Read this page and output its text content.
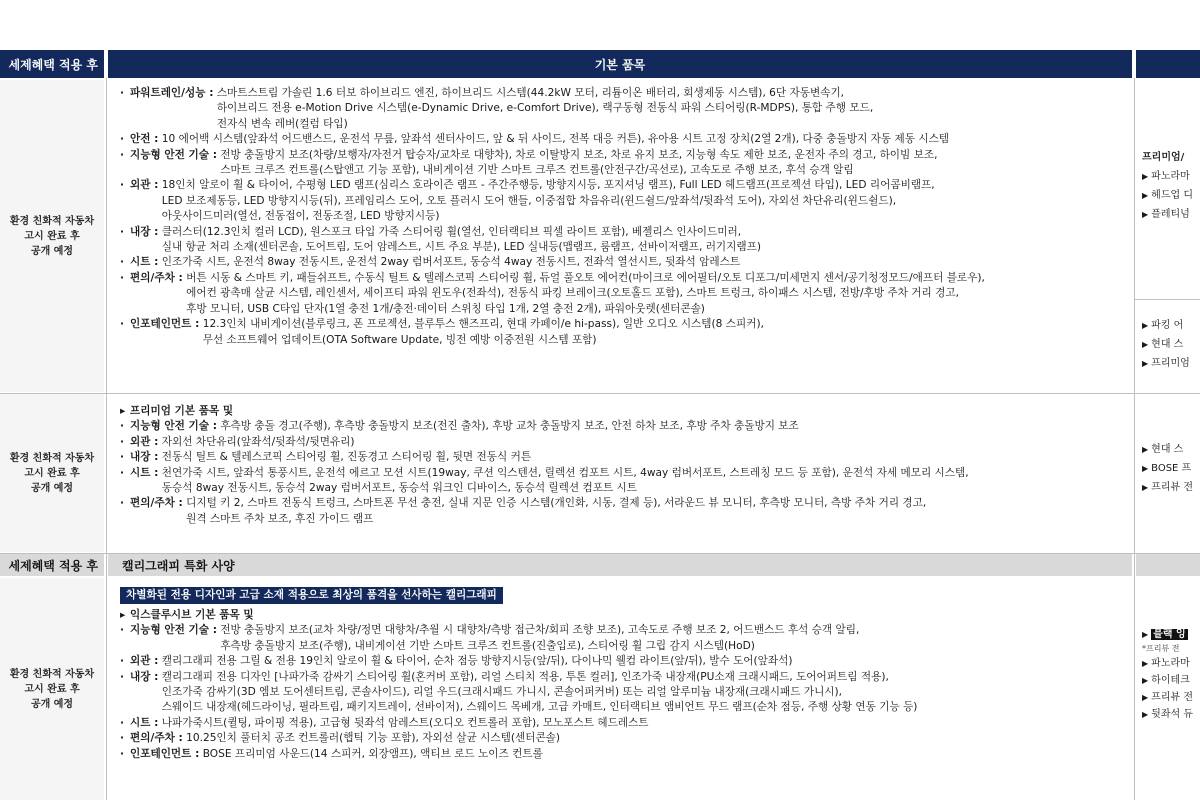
세제혜택 적용 후	기본 품목
환경 친화적 자동차
고시 완료 후
공개 예정
· 파워트레인/성능 : 스마트스트림 가솔린 1.6 터보 하이브리드 엔진, 하이브리드 시스템(44.2kW 모터, 리튬이온 배터리, 회생제동 시스템), 6단 자동변속기,
하이브리드 전용 e-Motion Drive 시스템(e-Dynamic Drive, e-Comfort Drive), 랙구동형 전동식 파워 스티어링(R-MDPS), 통합 주행 모드,
전자식 변속 레버(컬럼 타입)
· 안전 : 10 에어백 시스템(앞좌석 어드밴스드, 운전석 무릎, 앞좌석 센터사이드, 앞 & 뒤 사이드, 전복 대응 커튼), 유아용 시트 고정 장치(2열 2개), 다중 충돌방지 자동 제동 시스템
· 지능형 안전 기술 : 전방 충돌방지 보조(차량/보행자/자전거 탑승자/교차로 대향차), 차로 이탈방지 보조, 차로 유지 보조, 지능형 속도 제한 보조, 운전자 주의 경고, 하이빔 보조,
스마트 크루즈 컨트롤(스탑앤고 기능 포함), 내비게이션 기반 스마트 크루즈 컨트롤(안전구간/곡선로), 고속도로 주행 보조, 후석 승객 알림
· 외관 : 18인치 알로이 휠 & 타이어, 수평형 LED 램프(심리스 호라이즌 램프 - 주간주행등, 방향지시등, 포지셔닝 램프), Full LED 헤드램프(프로젝션 타입), LED 리어콤비램프,
LED 보조제동등, LED 방향지시등(뒤), 프레임리스 도어, 오토 플러시 도어 핸들, 이중접합 차음유리(윈드쉴드/앞좌석/뒷좌석 도어), 자외선 차단유리(윈드쉴드),
아웃사이드미러(열선, 전동접이, 전동조절, LED 방향지시등)
· 내장 : 클러스터(12.3인치 컬러 LCD), 원스포크 타입 가죽 스티어링 휠(열선, 인터랙티브 픽셀 라이트 포함), 베젤리스 인사이드미러,
실내 항균 처리 소재(센터콘솔, 도어트림, 도어 암레스트, 시트 주요 부분), LED 실내등(맵램프, 룸램프, 선바이저램프, 러기지램프)
· 시트 : 인조가죽 시트, 운전석 8way 전동시트, 운전석 2way 럼버서포트, 동승석 4way 전동시트, 전좌석 열선시트, 뒷좌석 암레스트
· 편의/주차 : 버튼 시동 & 스마트 키, 패들쉬프트, 수동식 틸트 & 텔레스코픽 스티어링 휠, 듀얼 풀오토 에어컨(마이크로 에어필터/오토 디포그/미세먼지 센서/공기청정모드/애프터 블로우),
에어컨 광촉매 살균 시스템, 레인센서, 세이프티 파워 윈도우(전좌석), 전동식 파킹 브레이크(오토홀드 포함), 스마트 트렁크, 하이패스 시스템, 전방/후방 주차 거리 경고,
후방 모니터, USB C타입 단자(1열 충전 1개/충전·데이터 스위칭 타입 1개, 2열 충전 2개), 파워아웃렛(센터콘솔)
· 인포테인먼트 : 12.3인치 내비게이션(블루링크, 폰 프로젝션, 블루투스 핸즈프리, 현대 카페이/e hi-pass), 일반 오디오 시스템(8 스피커),
무선 소프트웨어 업데이트(OTA Software Update, 빙전 예방 이중전원 시스템 포함)
프리미엄/
▶ 파노라마
▶ 헤드업 디
▶ 플레티넘
▶ 파킹 어
▶ 현대 스
▶ 프리미엄
환경 친화적 자동차
고시 완료 후
공개 예정
▸ 프리미엄 기본 품목 및
· 지능형 안전 기술 : 후측방 충돌 경고(주행), 후측방 충돌방지 보조(전진 출차), 후방 교차 충돌방지 보조, 안전 하차 보조, 후방 주차 충돌방지 보조
· 외관 : 자외선 차단유리(앞좌석/뒷좌석/뒷면유리)
· 내장 : 전동식 틸트 & 텔레스코픽 스티어링 휠, 진동경고 스티어링 휠, 뒷면 전동식 커튼
· 시트 : 천연가죽 시트, 앞좌석 통풍시트, 운전석 에르고 모션 시트(19way, 쿠션 익스텐션, 릴렉션 컴포트 시트, 4way 럼버서포트, 스트레칭 모드 등 포함), 운전석 자세 메모리 시스템,
동승석 8way 전동시트, 동승석 2way 럼버서포트, 동승석 워크인 디바이스, 동승석 릴렉션 컴포트 시트
· 편의/주차 : 디지털 키 2, 스마트 전동식 트렁크, 스마트폰 무선 충전, 실내 지문 인증 시스템(개인화, 시동, 결제 등), 서라운드 뷰 모니터, 후측방 모니터, 측방 주차 거리 경고,
원격 스마트 주차 보조, 후진 가이드 램프
▶ 현대 스
▶ BOSE 프
▶ 프리뷰 전
세제혜택 적용 후 캘리그래피 특화 사양
환경 친화적 자동차
고시 완료 후
공개 예정
차별화된 전용 디자인과 고급 소재 적용으로 최상의 품격을 선사하는 캘리그래피
▸ 익스클루시브 기본 품목 및
· 지능형 안전 기술 : 전방 충돌방지 보조(교차 차량/정면 대향차/추월 시 대향차/측방 접근차/회피 조향 보조), 고속도로 주행 보조 2, 어드밴스드 후석 승객 알림,
후측방 충돌방지 보조(주행), 내비게이션 기반 스마트 크루즈 컨트롤(진출입로), 스티어링 휠 그립 감지 시스템(HoD)
· 외관 : 캘리그래피 전용 그릴 & 전용 19인치 알로이 휠 & 타이어, 순차 점등 방향지시등(앞/뒤), 다이나믹 웰컴 라이트(앞/뒤), 발수 도어(앞좌석)
· 내장 : 캘리그래피 전용 디자인 [나파가죽 감싸기 스티어링 휠(혼커버 포함), 리얼 스티치 적용, 투톤 컬러], 인조가죽 내장재(PU소재 크래시패드, 도어어퍼트림 적용),
인조가죽 감싸기(3D 엠보 도어센터트림, 콘솔사이드), 리얼 우드(크래시패드 가니시, 콘솔어퍼커버) 또는 리얼 알루미늄 내장재(크래시패드 가니시),
스웨이드 내장재(헤드라이닝, 필라트림, 패키지트레이, 선바이저), 스웨이드 목베개, 고급 카매트, 인터랙티브 앰비언트 무드 램프(순차 점등, 주행 상황 연동 기능 등)
· 시트 : 나파가죽시트(퀼팅, 파이핑 적용), 고급형 뒷좌석 암레스트(오디오 컨트롤러 포함), 모노포스트 헤드레스트
· 편의/주차 : 10.25인치 풀터치 공조 컨트롤러(햅틱 기능 포함), 자외선 살균 시스템(센터콘솔)
· 인포테인먼트 : BOSE 프리미엄 사운드(14 스피커, 외장앰프), 액티브 로드 노이즈 컨트롤
▶ 블랙 잉
*프리뷰 전
▶ 파노라마
▶ 하이테크
▶ 프리뷰 전
▶ 뒷좌석 듀
